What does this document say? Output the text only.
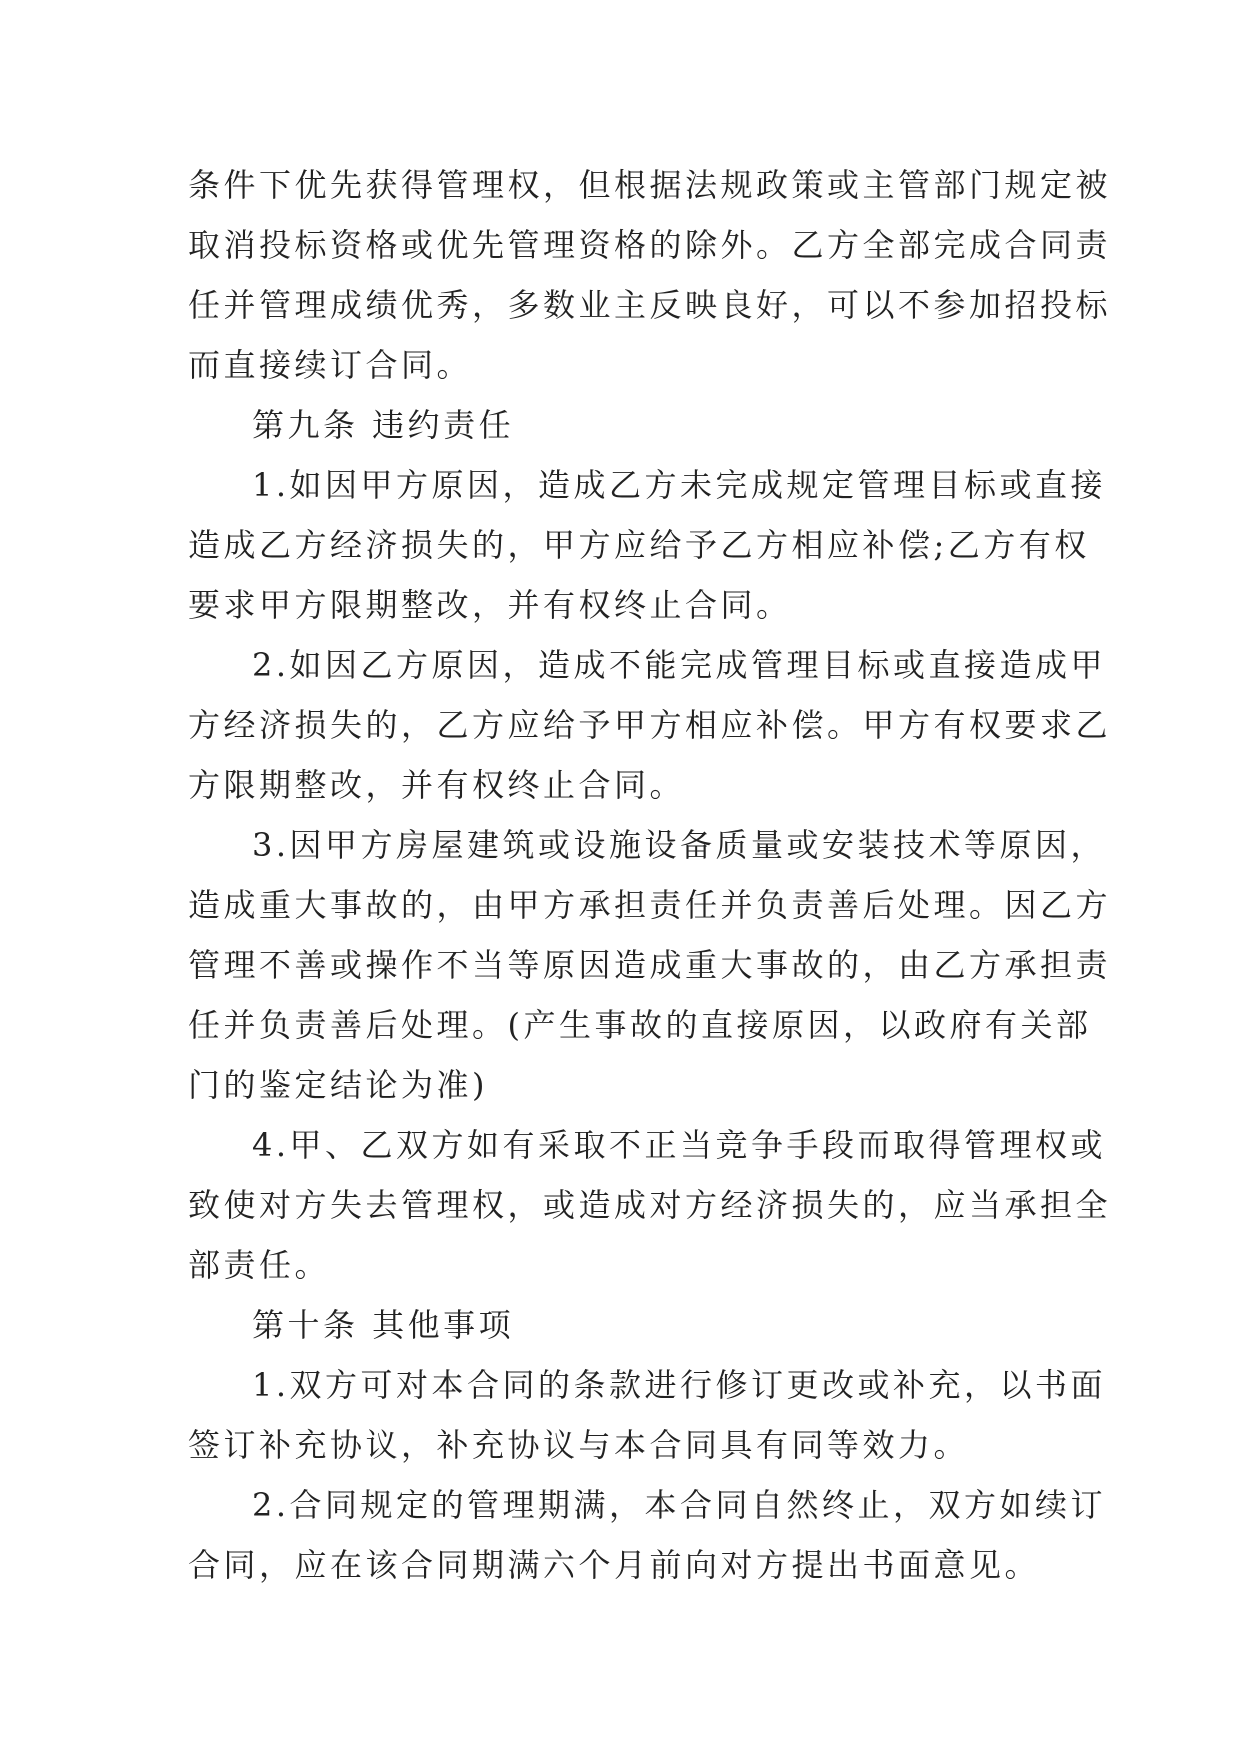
条件下优先获得管理权，但根据法规政策或主管部门规定被
取消投标资格或优先管理资格的除外。乙方全部完成合同责
任并管理成绩优秀，多数业主反映良好，可以不参加招投标
而直接续订合同。
第九条 违约责任
1.如因甲方原因，造成乙方未完成规定管理目标或直接
造成乙方经济损失的，甲方应给予乙方相应补偿;乙方有权
要求甲方限期整改，并有权终止合同。
2.如因乙方原因，造成不能完成管理目标或直接造成甲
方经济损失的，乙方应给予甲方相应补偿。甲方有权要求乙
方限期整改，并有权终止合同。
3.因甲方房屋建筑或设施设备质量或安装技术等原因，
造成重大事故的，由甲方承担责任并负责善后处理。因乙方
管理不善或操作不当等原因造成重大事故的，由乙方承担责
任并负责善后处理。(产生事故的直接原因，以政府有关部
门的鉴定结论为准)
4.甲、乙双方如有采取不正当竞争手段而取得管理权或
致使对方失去管理权，或造成对方经济损失的，应当承担全
部责任。
第十条 其他事项
1.双方可对本合同的条款进行修订更改或补充，以书面
签订补充协议，补充协议与本合同具有同等效力。
2.合同规定的管理期满，本合同自然终止，双方如续订
合同，应在该合同期满六个月前向对方提出书面意见。
